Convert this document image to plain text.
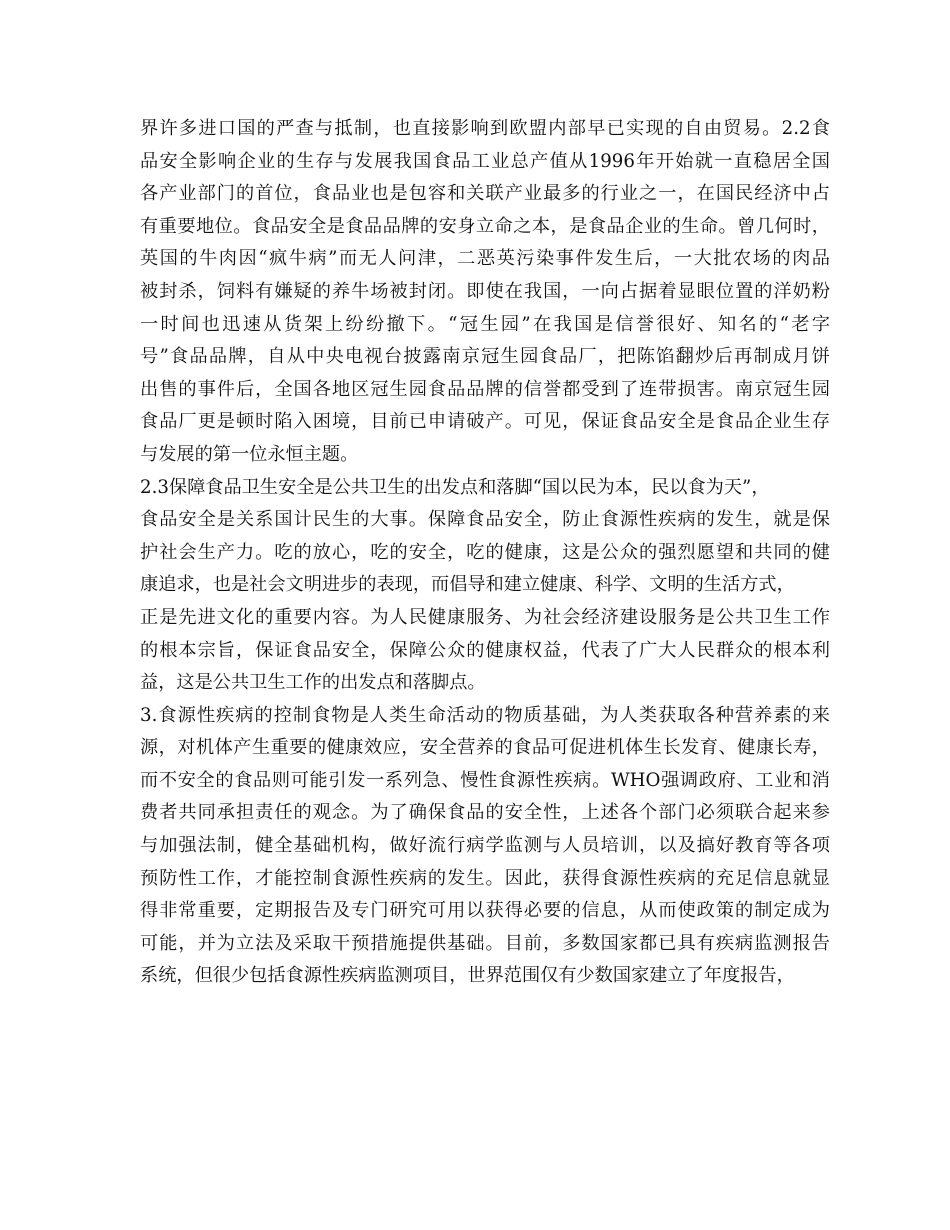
界许多进口国的严查与抵制，也直接影响到欧盟内部早已实现的自由贸易。2.2食
品安全影响企业的生存与发展我国食品工业总产值从1996年开始就一直稳居全国
各产业部门的首位，食品业也是包容和关联产业最多的行业之一，在国民经济中占
有重要地位。食品安全是食品品牌的安身立命之本，是食品企业的生命。曾几何时，
英国的牛肉因“疯牛病”而无人问津，二恶英污染事件发生后，一大批农场的肉品
被封杀，饲料有嫌疑的养牛场被封闭。即使在我国，一向占据着显眼位置的洋奶粉
一时间也迅速从货架上纷纷撤下。“冠生园”在我国是信誉很好、知名的“老字
号”食品品牌，自从中央电视台披露南京冠生园食品厂，把陈馅翻炒后再制成月饼
出售的事件后，全国各地区冠生园食品品牌的信誉都受到了连带损害。南京冠生园
食品厂更是顿时陷入困境，目前已申请破产。可见，保证食品安全是食品企业生存
与发展的第一位永恒主题。
2.3保障食品卫生安全是公共卫生的出发点和落脚“国以民为本，民以食为天”，
食品安全是关系国计民生的大事。保障食品安全，防止食源性疾病的发生，就是保
护社会生产力。吃的放心，吃的安全，吃的健康，这是公众的强烈愿望和共同的健
康追求，也是社会文明进步的表现，而倡导和建立健康、科学、文明的生活方式，
正是先进文化的重要内容。为人民健康服务、为社会经济建设服务是公共卫生工作
的根本宗旨，保证食品安全，保障公众的健康权益，代表了广大人民群众的根本利
益，这是公共卫生工作的出发点和落脚点。
3.食源性疾病的控制食物是人类生命活动的物质基础，为人类获取各种营养素的来
源，对机体产生重要的健康效应，安全营养的食品可促进机体生长发育、健康长寿，
而不安全的食品则可能引发一系列急、慢性食源性疾病。WHO强调政府、工业和消
费者共同承担责任的观念。为了确保食品的安全性，上述各个部门必须联合起来参
与加强法制，健全基础机构，做好流行病学监测与人员培训，以及搞好教育等各项
预防性工作，才能控制食源性疾病的发生。因此，获得食源性疾病的充足信息就显
得非常重要，定期报告及专门研究可用以获得必要的信息，从而使政策的制定成为
可能，并为立法及采取干预措施提供基础。目前，多数国家都已具有疾病监测报告
系统，但很少包括食源性疾病监测项目，世界范围仅有少数国家建立了年度报告，
